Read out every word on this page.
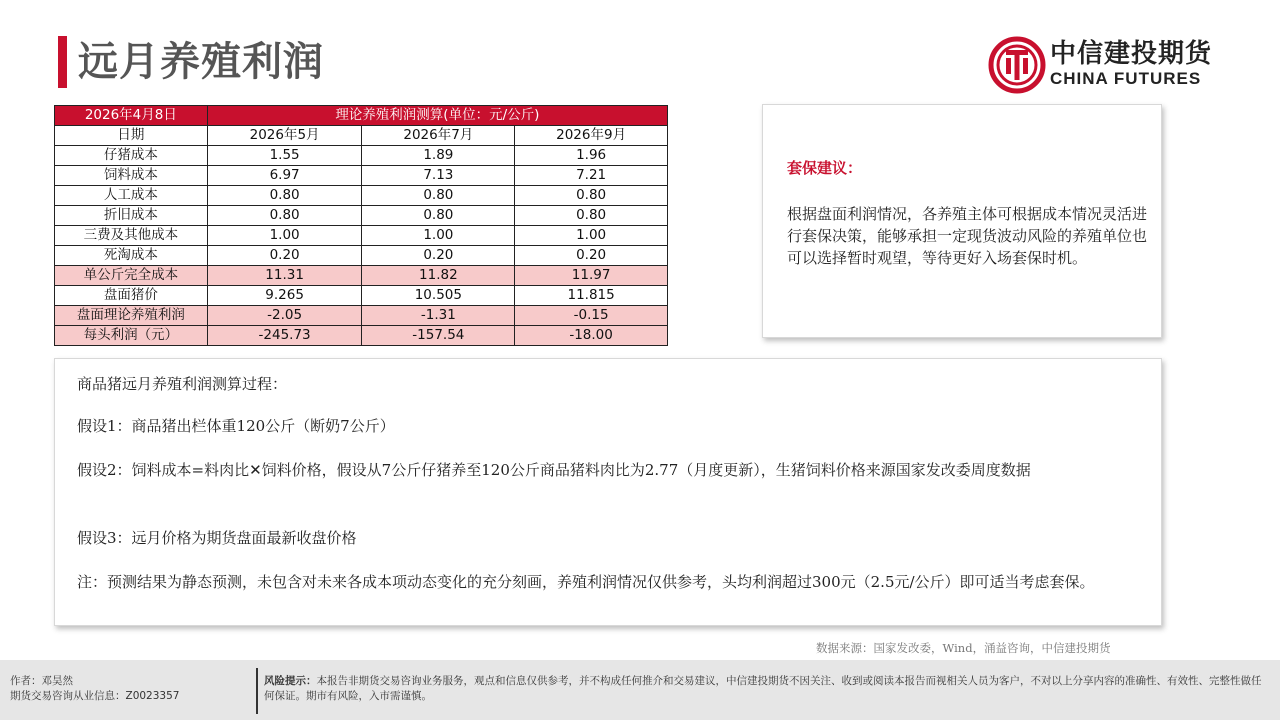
远月养殖利润	中信建投期货
CHINA FUTURES
2026年4月8日	理论养殖利润测算(单位：元/公斤)		
日期	2026年5月	2026年7月	2026年9月
仔猪成本	1.55	1.89	1.96
饲料成本	6.97	7.13	7.21
人工成本	0.80	0.80	0.80
折旧成本	0.80	0.80	0.80
三费及其他成本	1.00	1.00	1.00
死淘成本	0.20	0.20	0.20
单公斤完全成本	11.31	11.82	11.97
盘面猪价	9.265	10.505	11.815
盘面理论养殖利润	-2.05	-1.31	-0.15
每头利润（元）	-245.73	-157.54	-18.00
套保建议：
根据盘面利润情况，各养殖主体可根据成本情况灵活进行套保决策，能够承担一定现货波动风险的养殖单位也可以选择暂时观望，等待更好入场套保时机。

商品猪远月养殖利润测算过程：

假设1：商品猪出栏体重120公斤（断奶7公斤）

假设2：饲料成本=料肉比✕饲料价格，假设从7公斤仔猪养至120公斤商品猪料肉比为2.77（月度更新），生猪饲料价格来源国家发改委周度数据

假设3：远月价格为期货盘面最新收盘价格

注：预测结果为静态预测，未包含对未来各成本项动态变化的充分刻画，养殖利润情况仅供参考，头均利润超过300元（2.5元/公斤）即可适当考虑套保。

数据来源：国家发改委，Wind，涌益咨询，中信建投期货
作者：邓昊然
期货交易咨询从业信息：Z0023357
风险提示：本报告非期货交易咨询业务服务，观点和信息仅供参考，并不构成任何推介和交易建议，中信建投期货不因关注、收到或阅读本报告而视相关人员为客户，不对以上分享内容的准确性、有效性、完整性做任何保证。期市有风险，入市需谨慎。
